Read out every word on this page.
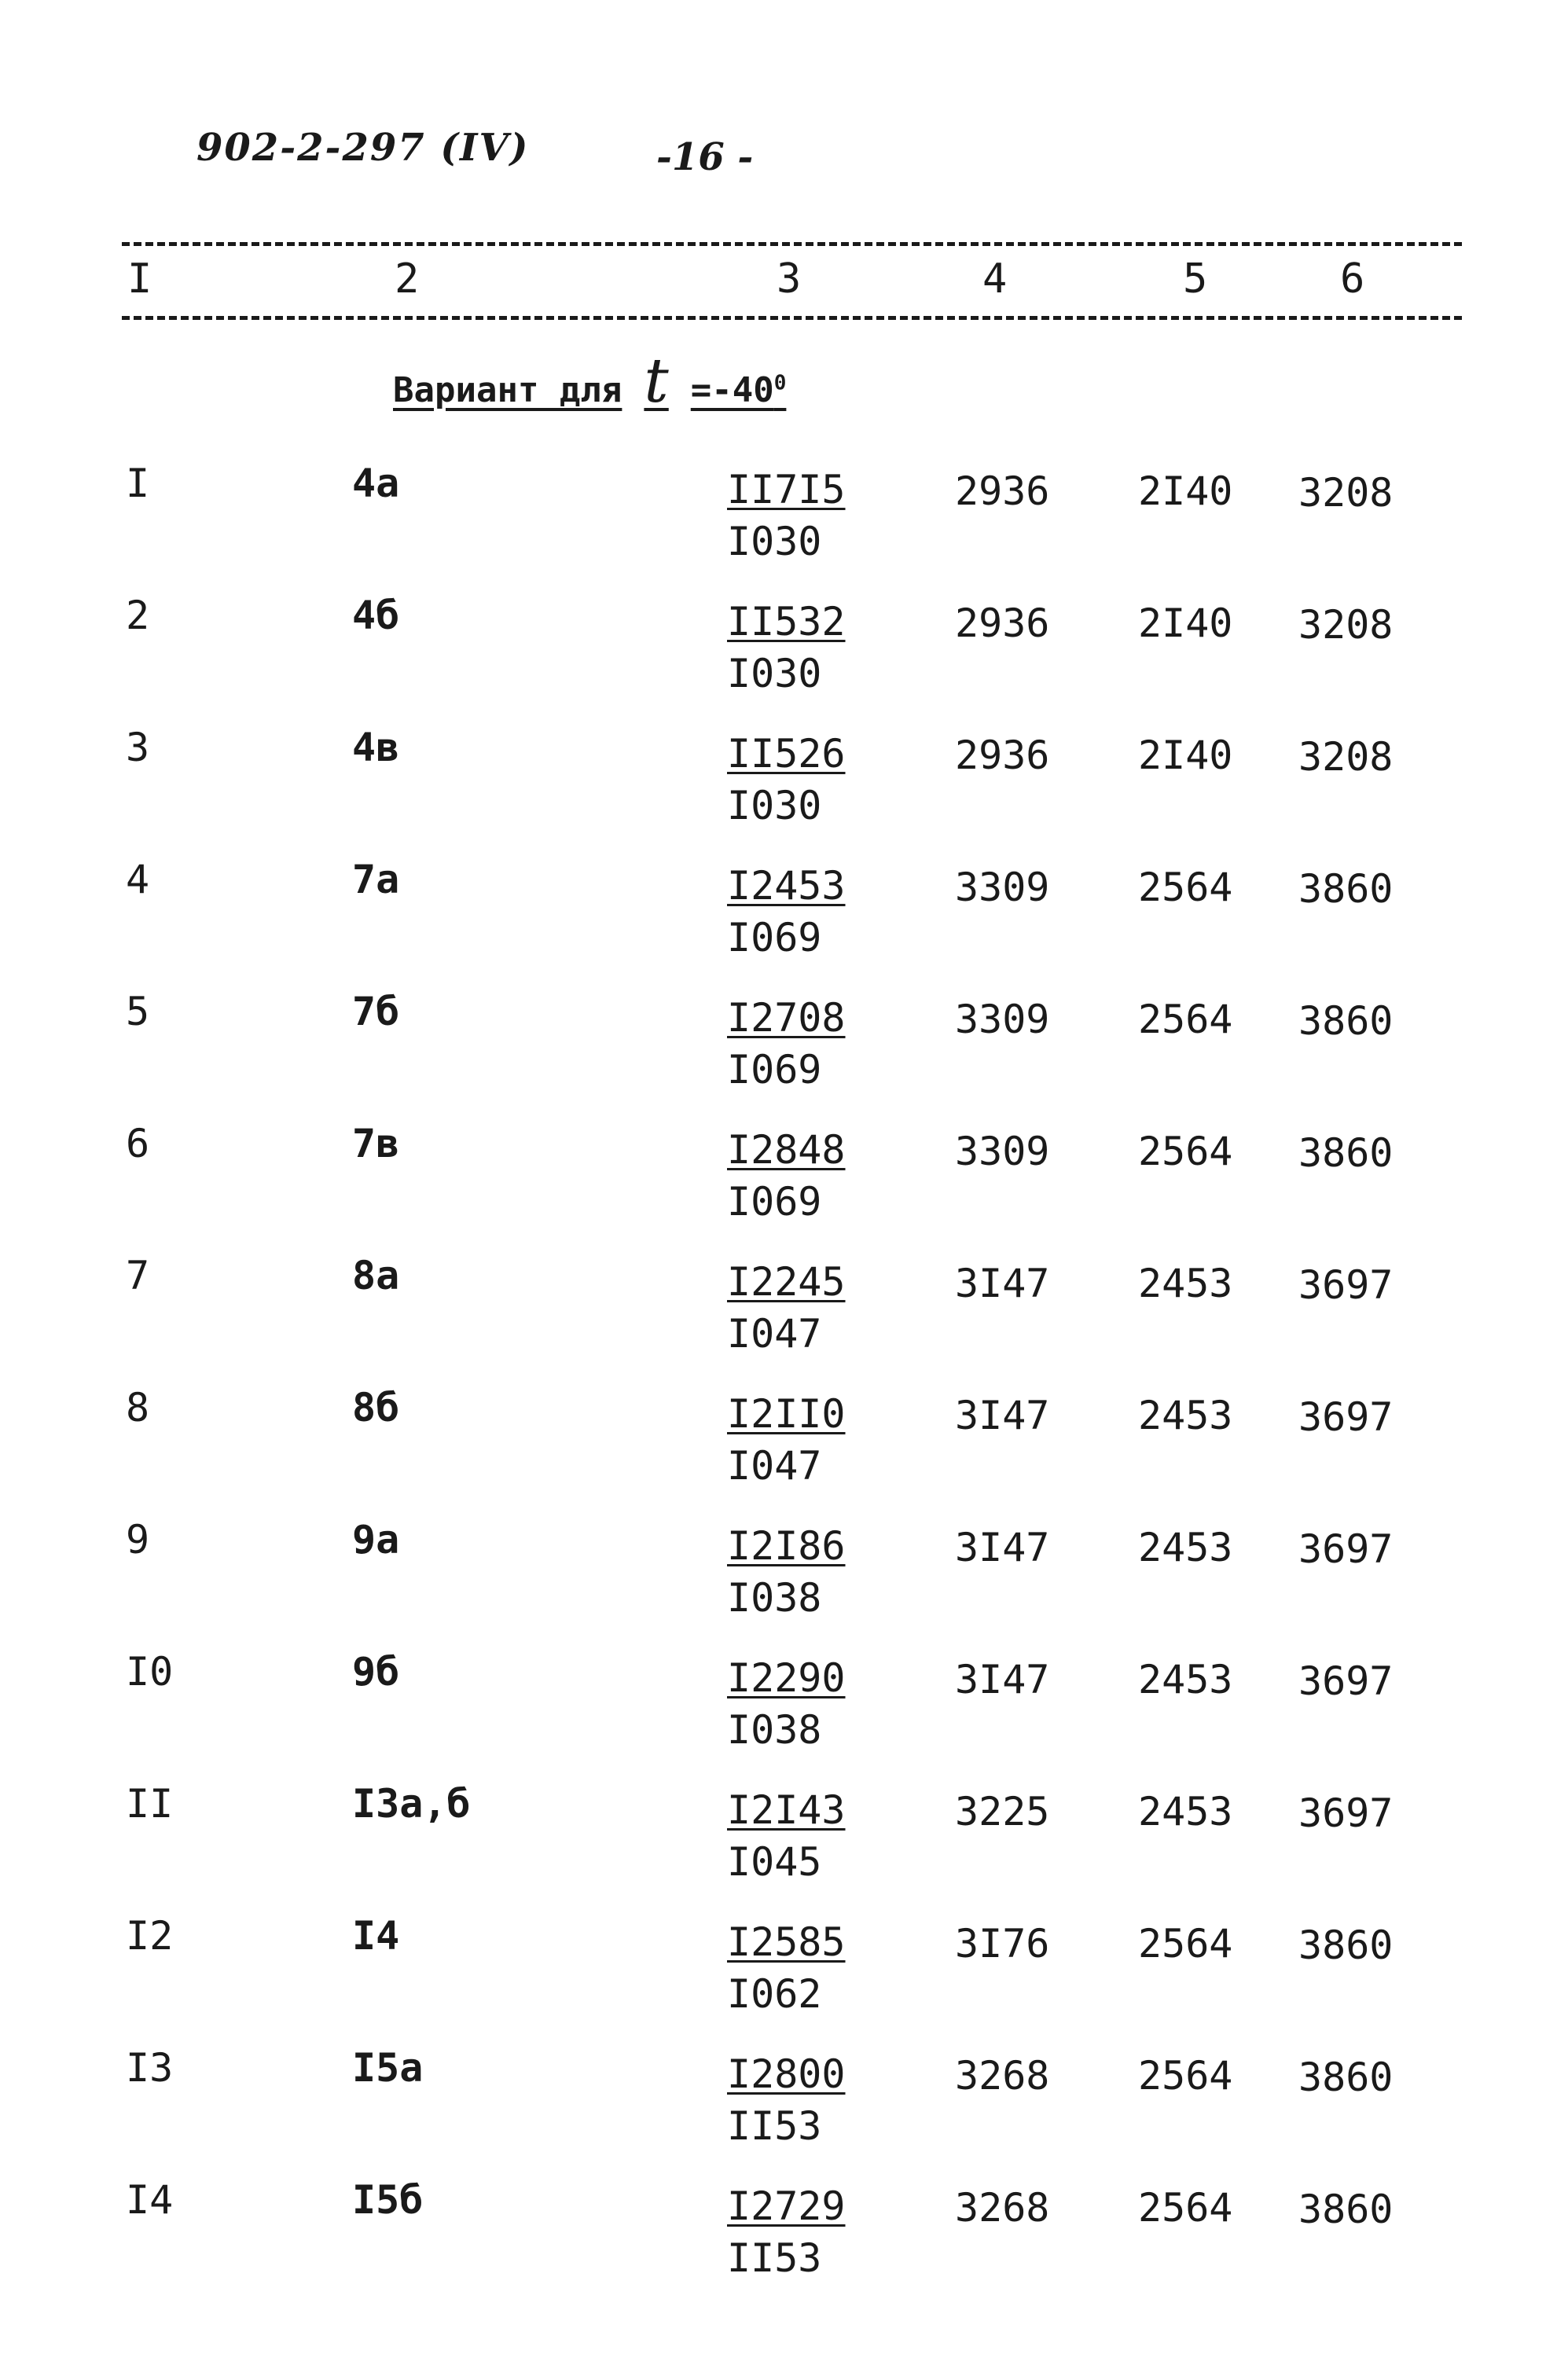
902-2-297 (IV)	-16 -
I	2	3	4	5	6
Вариант для $t =-40^0$
I	4а	$\frac{II7I5}{I030}$	2936 2I40 3208
2	4б	$\frac{II532}{I030}$	2936 2I40 3208
3	4в	$\frac{II526}{I030}$	2936 2I40 3208
4	7а	$\frac{I2453}{I069}$	3309 2564 3860
5	7б	$\frac{I2708}{I069}$	3309 2564 3860
6	7в	$\frac{I2848}{I069}$	3309 2564 3860
7	8а	$\frac{I2245}{I047}$	3I47 2453 3697
8	8б	$\frac{I2II0}{I047}$	3I47 2453 3697
9	9а	$\frac{I2I86}{I038}$	3I47 2453 3697
I0	9б	$\frac{I2290}{I038}$	3I47 2453 3697
II	I3а,б	$\frac{I2I43}{I045}$	3225 2453 3697
I2	I4	$\frac{I2585}{I062}$	3I76 2564 3860
I3	I5а	$\frac{I2800}{II53}$	3268 2564 3860
I4	I5б	$\frac{I2729}{II53}$	3268 2564 3860
